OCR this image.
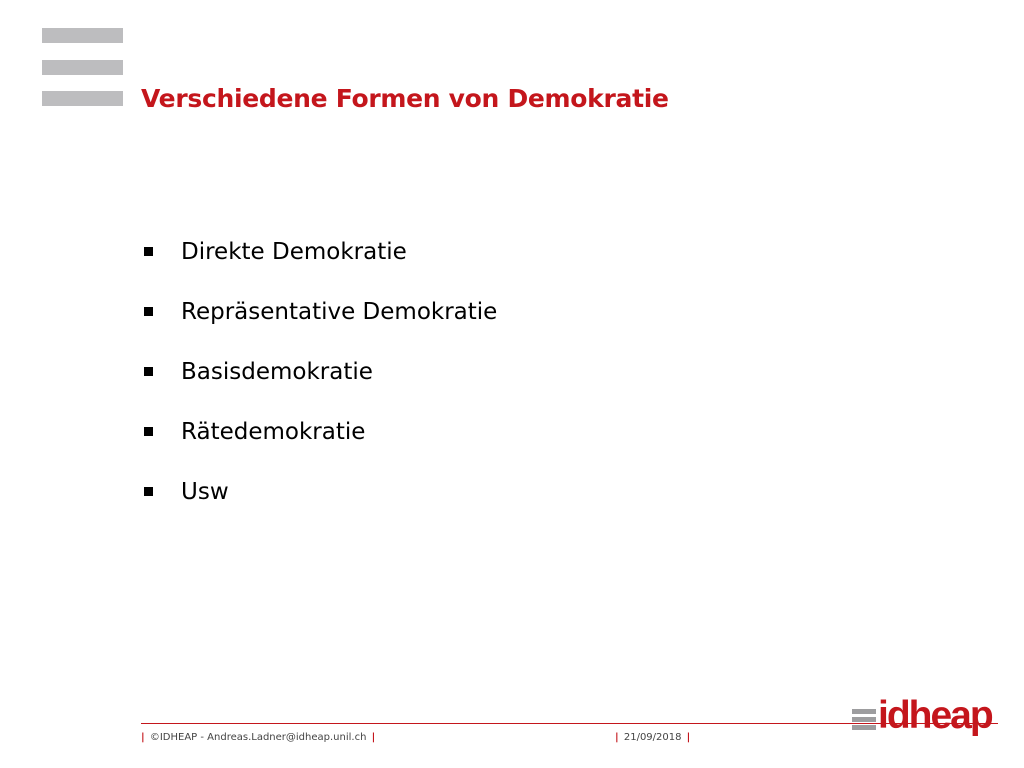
Verschiedene Formen von Demokratie
Direkte Demokratie
Repräsentative Demokratie
Basisdemokratie
Rätedemokratie
Usw
| ©IDHEAP - Andreas.Ladner@idheap.unil.ch |	| 21/09/2018 |
idheap
